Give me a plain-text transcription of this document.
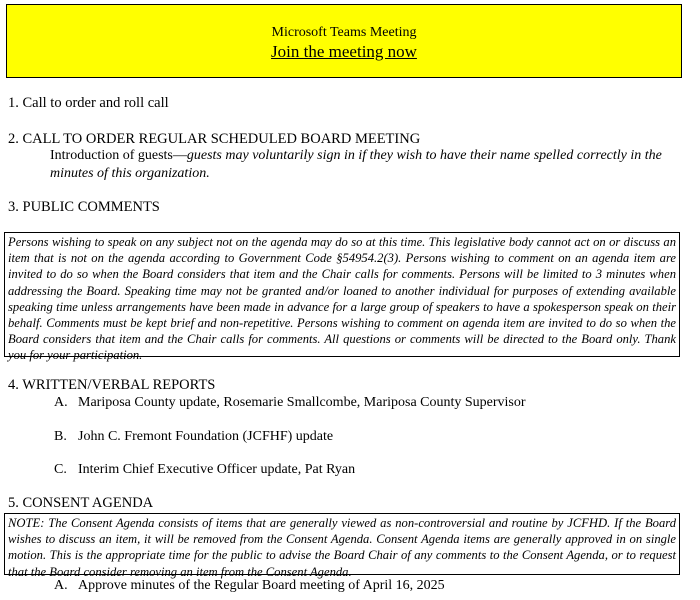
Microsoft Teams Meeting
Join the meeting now
1. Call to order and roll call
2. CALL TO ORDER REGULAR SCHEDULED BOARD MEETING
Introduction of guests—guests may voluntarily sign in if they wish to have their name spelled correctly in the minutes of this organization.
3. PUBLIC COMMENTS
Persons wishing to speak on any subject not on the agenda may do so at this time. This legislative body cannot act on or discuss an item that is not on the agenda according to Government Code §54954.2(3). Persons wishing to comment on an agenda item are invited to do so when the Board considers that item and the Chair calls for comments. Persons will be limited to 3 minutes when addressing the Board. Speaking time may not be granted and/or loaned to another individual for purposes of extending available speaking time unless arrangements have been made in advance for a large group of speakers to have a spokesperson speak on their behalf. Comments must be kept brief and non-repetitive. Persons wishing to comment on agenda item are invited to do so when the Board considers that item and the Chair calls for comments. All questions or comments will be directed to the Board only. Thank you for your participation.
4. WRITTEN/VERBAL REPORTS
A. Mariposa County update, Rosemarie Smallcombe, Mariposa County Supervisor
B. John C. Fremont Foundation (JCFHF) update
C. Interim Chief Executive Officer update, Pat Ryan
5. CONSENT AGENDA
NOTE: The Consent Agenda consists of items that are generally viewed as non-controversial and routine by JCFHD. If the Board wishes to discuss an item, it will be removed from the Consent Agenda. Consent Agenda items are generally approved in on single motion. This is the appropriate time for the public to advise the Board Chair of any comments to the Consent Agenda, or to request that the Board consider removing an item from the Consent Agenda.
A. Approve minutes of the Regular Board meeting of April 16, 2025
